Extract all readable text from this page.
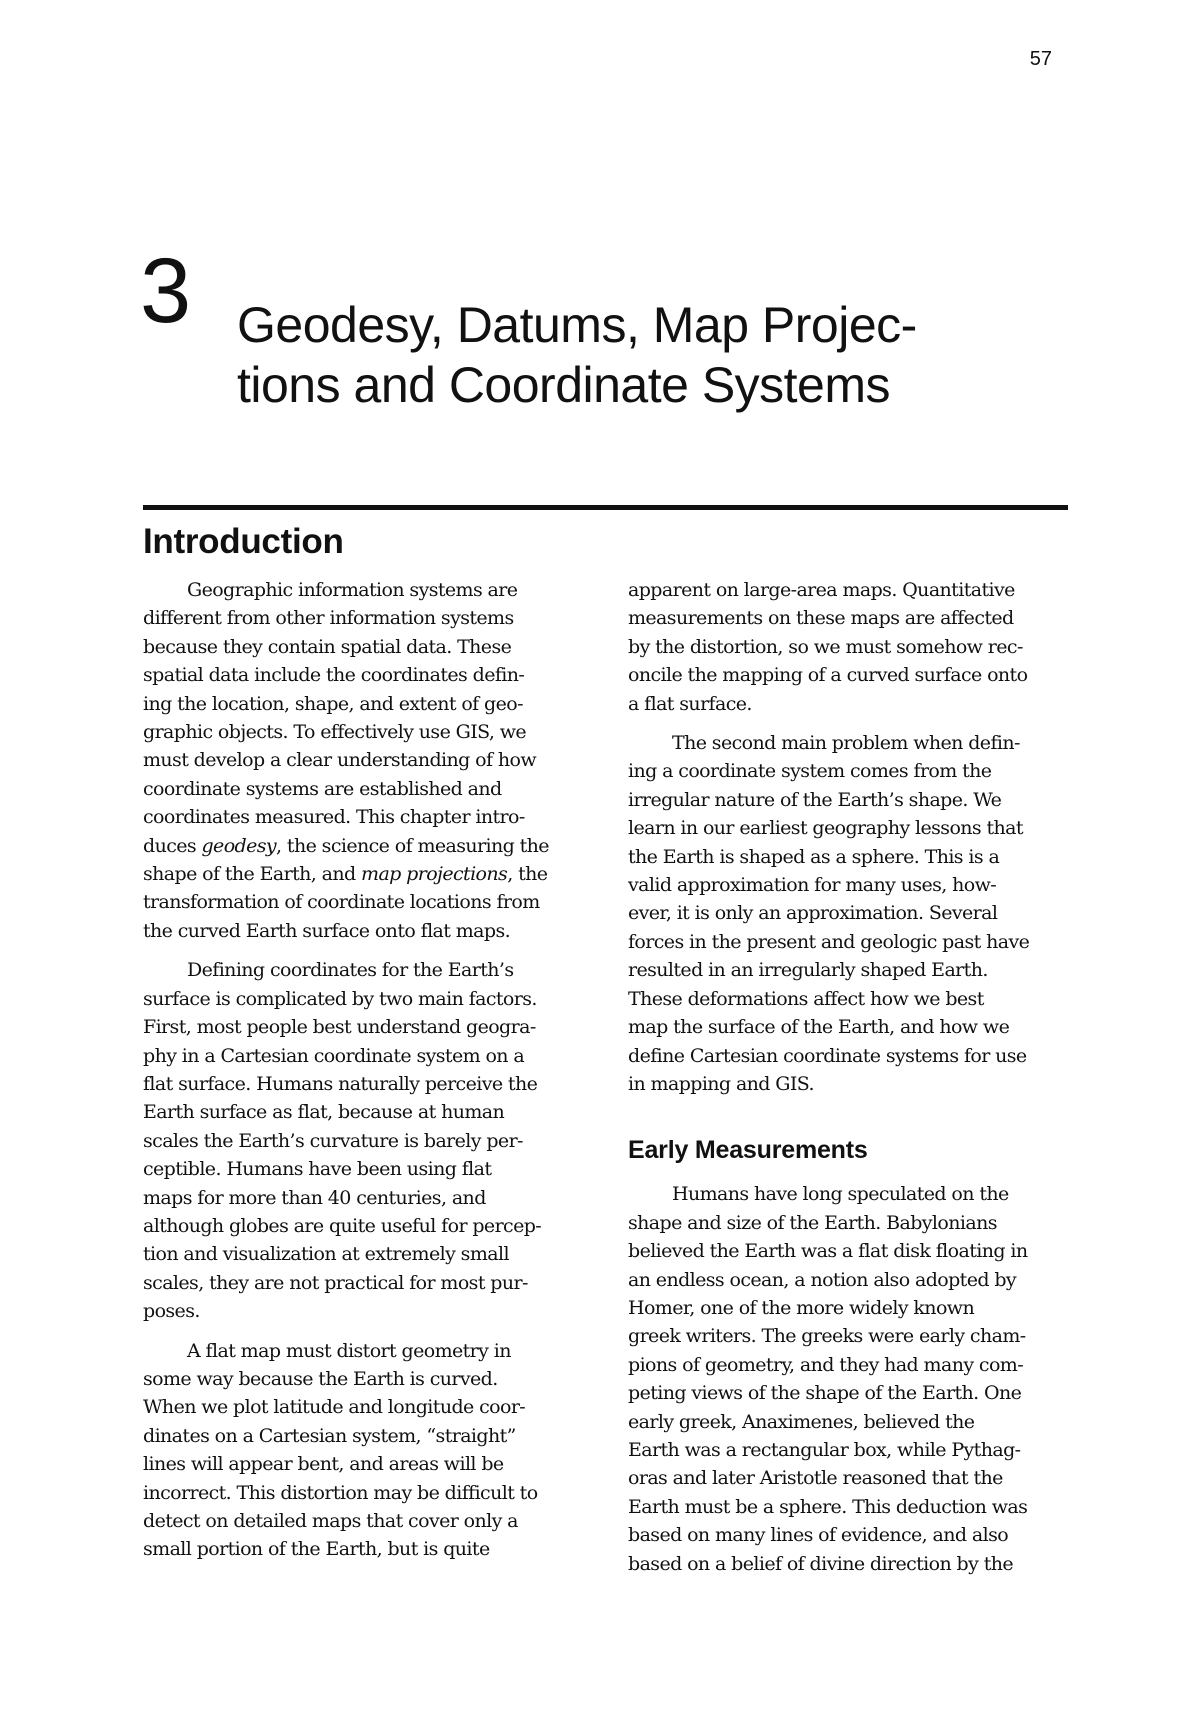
57
3 Geodesy, Datums, Map Projec-
tions and Coordinate Systems
Introduction
Geographic information systems are
different from other information systems
because they contain spatial data. These
spatial data include the coordinates defin-
ing the location, shape, and extent of geo-
graphic objects. To effectively use GIS, we
must develop a clear understanding of how
coordinate systems are established and
coordinates measured. This chapter intro-
duces geodesy, the science of measuring the
shape of the Earth, and map projections, the
transformation of coordinate locations from
the curved Earth surface onto flat maps.
Defining coordinates for the Earth’s
surface is complicated by two main factors.
First, most people best understand geogra-
phy in a Cartesian coordinate system on a
flat surface. Humans naturally perceive the
Earth surface as flat, because at human
scales the Earth’s curvature is barely per-
ceptible. Humans have been using flat
maps for more than 40 centuries, and
although globes are quite useful for percep-
tion and visualization at extremely small
scales, they are not practical for most pur-
poses.
A flat map must distort geometry in
some way because the Earth is curved.
When we plot latitude and longitude coor-
dinates on a Cartesian system, “straight”
lines will appear bent, and areas will be
incorrect. This distortion may be difficult to
detect on detailed maps that cover only a
small portion of the Earth, but is quite
apparent on large-area maps. Quantitative
measurements on these maps are affected
by the distortion, so we must somehow rec-
oncile the mapping of a curved surface onto
a flat surface.
The second main problem when defin-
ing a coordinate system comes from the
irregular nature of the Earth’s shape. We
learn in our earliest geography lessons that
the Earth is shaped as a sphere. This is a
valid approximation for many uses, how-
ever, it is only an approximation. Several
forces in the present and geologic past have
resulted in an irregularly shaped Earth.
These deformations affect how we best
map the surface of the Earth, and how we
define Cartesian coordinate systems for use
in mapping and GIS.
Early Measurements
Humans have long speculated on the
shape and size of the Earth. Babylonians
believed the Earth was a flat disk floating in
an endless ocean, a notion also adopted by
Homer, one of the more widely known
greek writers. The greeks were early cham-
pions of geometry, and they had many com-
peting views of the shape of the Earth. One
early greek, Anaximenes, believed the
Earth was a rectangular box, while Pythag-
oras and later Aristotle reasoned that the
Earth must be a sphere. This deduction was
based on many lines of evidence, and also
based on a belief of divine direction by the
